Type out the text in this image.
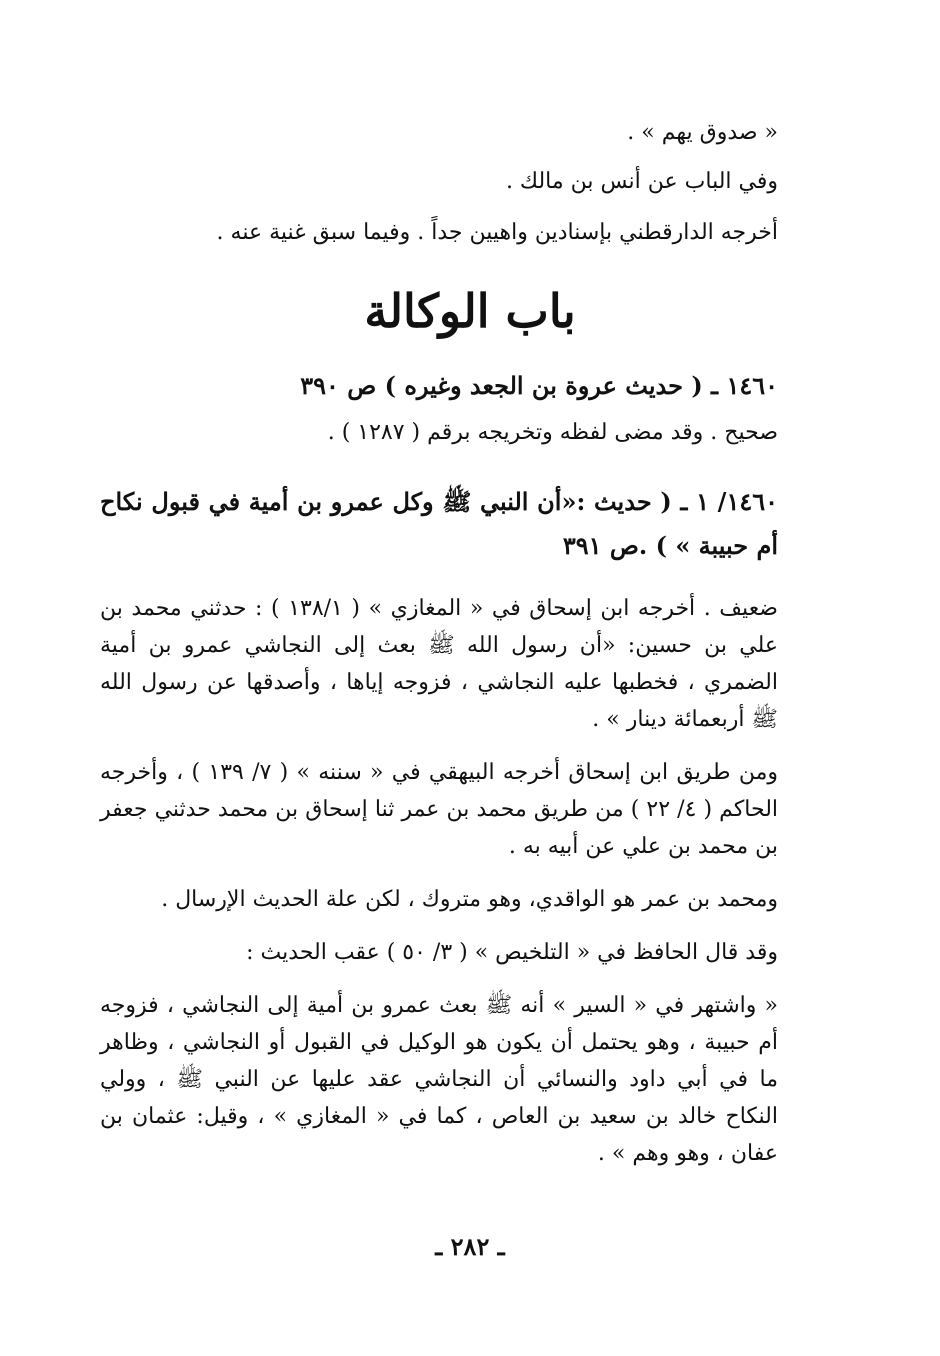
« صدوق يهم » .

وفي الباب عن أنس بن مالك .

أخرجه الدارقطني بإسنادين واهيين جداً . وفيما سبق غنية عنه .

باب الوكالة

١٤٦٠ ـ ( حديث عروة بن الجعد وغيره ) ص ٣٩٠

صحيح . وقد مضى لفظه وتخريجه برقم ( ١٢٨٧ ) .

١٤٦٠/ ١ ـ ( حديث :«أن النبي ﷺ وكل عمرو بن أمية في قبول نكاح أم حبيبة » ) .ص ٣٩١

ضعيف . أخرجه ابن إسحاق في « المغازي » ( ١٣٨/١ ) : حدثني محمد بن علي بن حسين: «أن رسول الله ﷺ بعث إلى النجاشي عمرو بن أمية الضمري ، فخطبها عليه النجاشي ، فزوجه إياها ، وأصدقها عن رسول الله ﷺ أربعمائة دينار » .

ومن طريق ابن إسحاق أخرجه البيهقي في « سننه » ( ٧/ ١٣٩ ) ، وأخرجه الحاكم ( ٤/ ٢٢ ) من طريق محمد بن عمر ثنا إسحاق بن محمد حدثني جعفر بن محمد بن علي عن أبيه به .

ومحمد بن عمر هو الواقدي، وهو متروك ، لكن علة الحديث الإرسال .

وقد قال الحافظ في « التلخيص » ( ٣/ ٥٠ ) عقب الحديث :

« واشتهر في « السير » أنه ﷺ بعث عمرو بن أمية إلى النجاشي ، فزوجه أم حبيبة ، وهو يحتمل أن يكون هو الوكيل في القبول أو النجاشي ، وظاهر ما في أبي داود والنسائي أن النجاشي عقد عليها عن النبي ﷺ ، وولي النكاح خالد بن سعيد بن العاص ، كما في « المغازي » ، وقيل: عثمان بن عفان ، وهو وهم » .

ـ ٢٨٢ ـ
